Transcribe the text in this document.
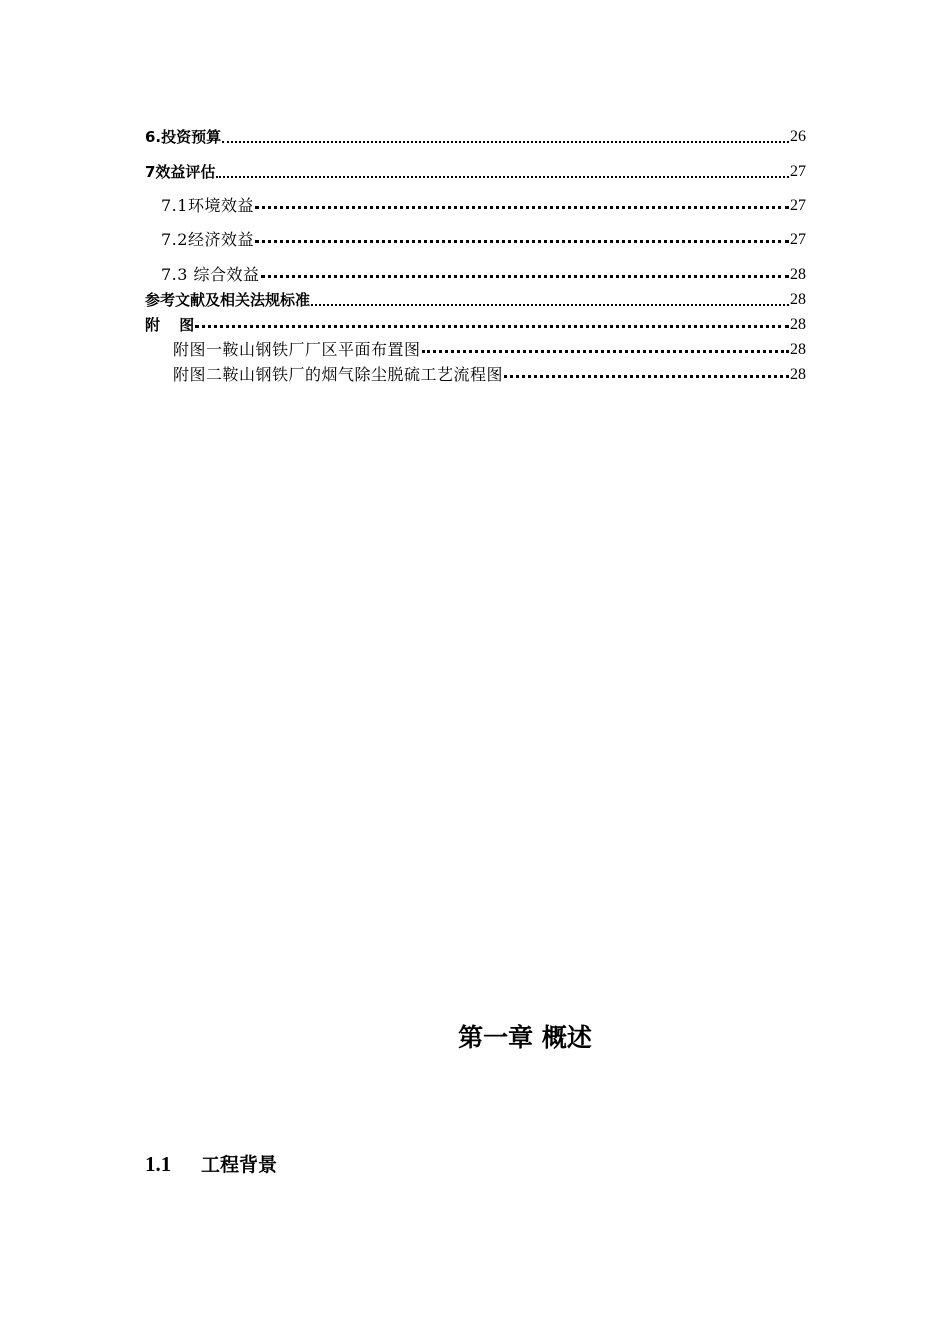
6.投资预算	26
7效益评估	27
7.1环境效益	27
7.2经济效益	27
7.3 综合效益	28
参考文献及相关法规标准	28
附 图	28
附图一鞍山钢铁厂厂区平面布置图	28
附图二鞍山钢铁厂的烟气除尘脱硫工艺流程图	28
第一章 概述
1.1	工程背景
